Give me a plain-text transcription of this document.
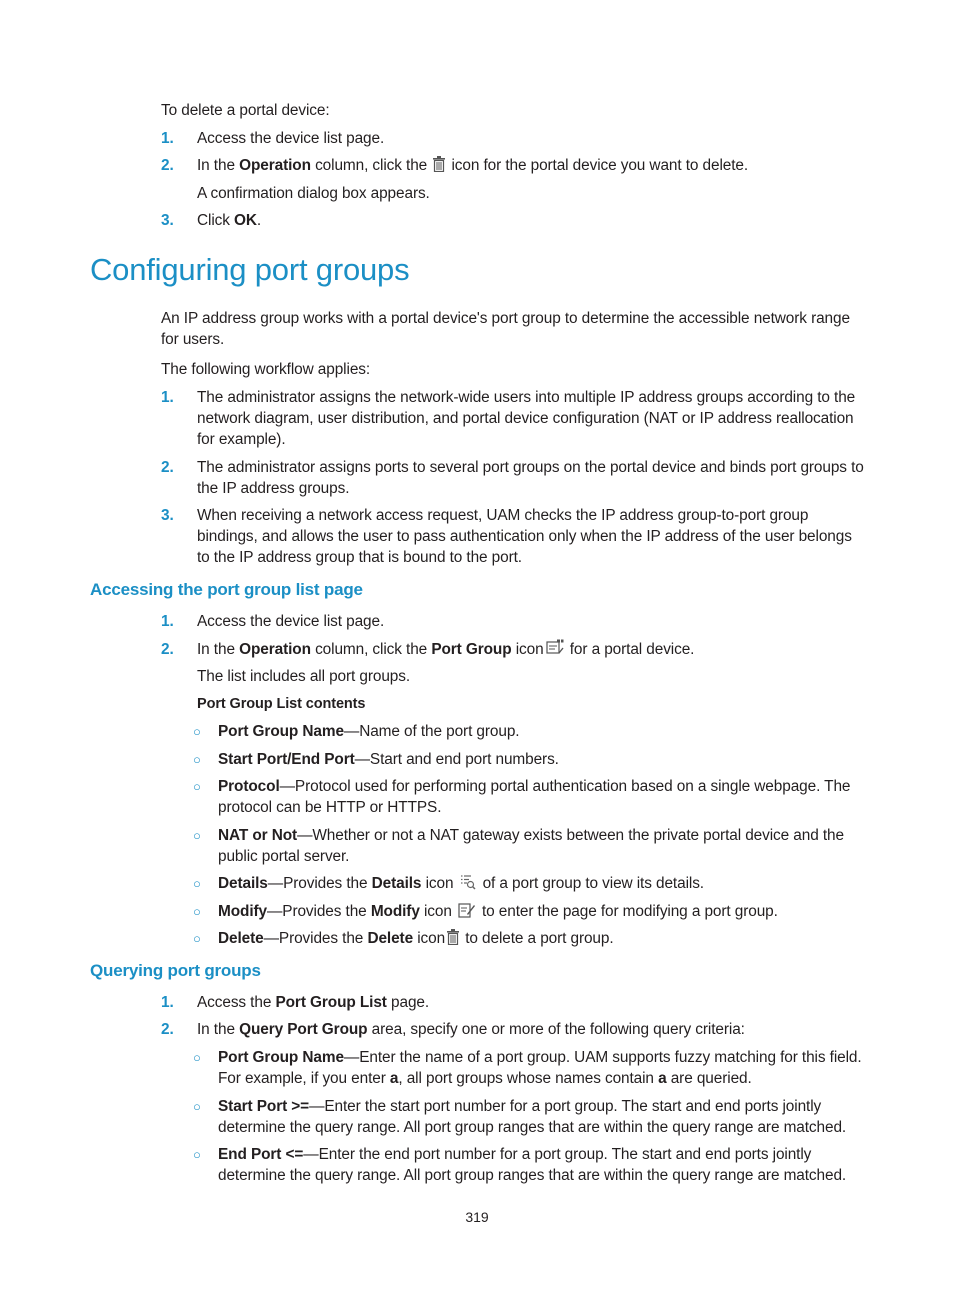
To delete a portal device:
1. Access the device list page.
2. In the Operation column, click the  icon for the portal device you want to delete.
A confirmation dialog box appears.
3. Click OK.
Configuring port groups
An IP address group works with a portal device's port group to determine the accessible network range for users.
The following workflow applies:
1. The administrator assigns the network-wide users into multiple IP address groups according to the network diagram, user distribution, and portal device configuration (NAT or IP address reallocation for example).
2. The administrator assigns ports to several port groups on the portal device and binds port groups to the IP address groups.
3. When receiving a network access request, UAM checks the IP address group-to-port group bindings, and allows the user to pass authentication only when the IP address of the user belongs to the IP address group that is bound to the port.
Accessing the port group list page
1. Access the device list page.
2. In the Operation column, click the Port Group icon for a portal device.
The list includes all port groups.
Port Group List contents
○ Port Group Name—Name of the port group.
○ Start Port/End Port—Start and end port numbers.
○ Protocol—Protocol used for performing portal authentication based on a single webpage. The protocol can be HTTP or HTTPS.
○ NAT or Not—Whether or not a NAT gateway exists between the private portal device and the public portal server.
○ Details—Provides the Details icon of a port group to view its details.
○ Modify—Provides the Modify icon to enter the page for modifying a port group.
○ Delete—Provides the Delete icon to delete a port group.
Querying port groups
1. Access the Port Group List page.
2. In the Query Port Group area, specify one or more of the following query criteria:
○ Port Group Name—Enter the name of a port group. UAM supports fuzzy matching for this field.
For example, if you enter a, all port groups whose names contain a are queried.
○ Start Port >=—Enter the start port number for a port group. The start and end ports jointly
determine the query range. All port group ranges that are within the query range are matched.
○ End Port <=—Enter the end port number for a port group. The start and end ports jointly
determine the query range. All port group ranges that are within the query range are matched.
319
